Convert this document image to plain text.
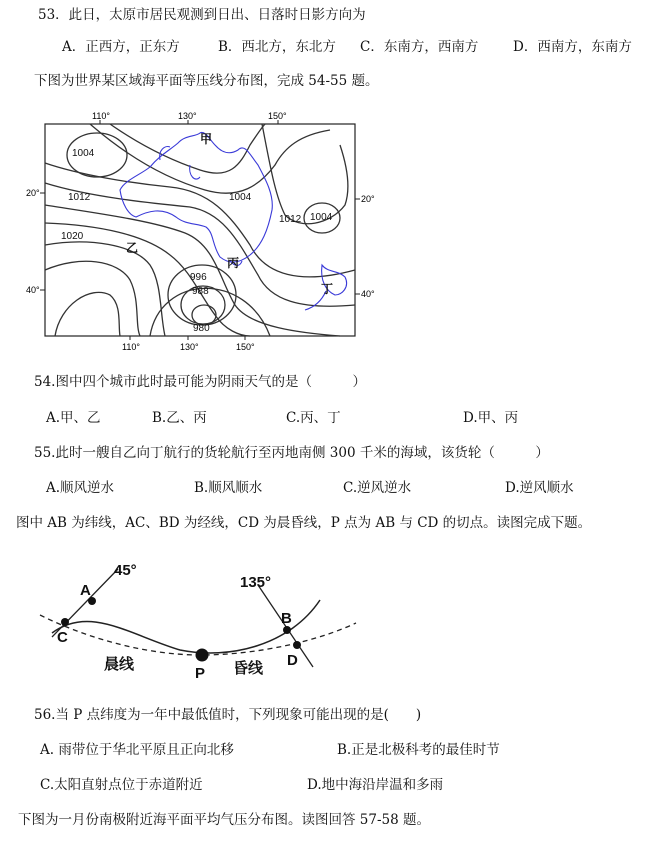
53．此日，太原市居民观测到日出、日落时日影方向为
A．正西方，正东方	B．西北方，东北方 C．东南方，西南方	D．西南方，东南方
下图为世界某区域海平面等压线分布图，完成 54-55 题。
110°	130°	150°
110°	130°	150°
20°
40°
20°
40°
1004
1012
1020
1004
1012 1004
996
988
980
甲
乙
丙
丁
54.图中四个城市此时最可能为阴雨天气的是（　　　）
A.甲、乙	B.乙、丙	C.丙、丁	D.甲、丙
55.此时一艘自乙向丁航行的货轮航行至丙地南侧 300 千米的海域，该货轮（　　　）
A.顺风逆水	B.顺风顺水	C.逆风逆水	D.逆风顺水
图中 AB 为纬线，AC、BD 为经线，CD 为晨昏线，P 点为 AB 与 CD 的切点。读图完成下题。
45°
135°
A
B
C
D
P
晨线	昏线
56.当 P 点纬度为一年中最低值时，下列现象可能出现的是(　　)
A. 雨带位于华北平原且正向北移	B.正是北极科考的最佳时节
C.太阳直射点位于赤道附近	D.地中海沿岸温和多雨
下图为一月份南极附近海平面平均气压分布图。读图回答 57-58 题。
